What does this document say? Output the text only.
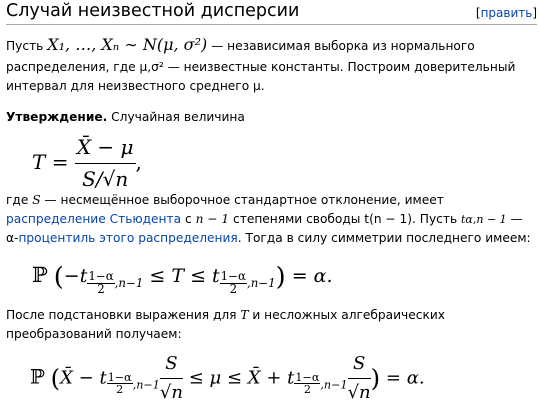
Случай неизвестной дисперсии	[править]

Пусть X₁, …, Xₙ ∼ N(μ, σ²) — независимая выборка из нормального распределения, где μ,σ² — неизвестные константы. Построим доверительный интервал для неизвестного среднего μ.

Утверждение. Случайная величина

$T = \frac{X̄ - \mu}{S/√n}$ ,

где S — несмещённое выборочное стандартное отклонение, имеет распределение Стьюдента с n − 1 степенями свободы t(n − 1). Пусть tα,n − 1 — α-процентиль этого распределения. Тогда в силу симметрии последнего имеем:

ℙ $(-t \frac{1-\alpha}{2} _{,n-1} \le T \le t \frac{1-\alpha}{2} _{,n-1}) = \alpha$.

После подстановки выражения для T и несложных алгебраических преобразований получаем:

ℙ (X̄ − t $\frac{1-\alpha}{2} _{,n-1} \frac{S}{√n} \le \mu$ ≤ X̄ + t $\frac{1-\alpha}{2} _{,n-1} \frac{S}{√n}$ ) = α.
